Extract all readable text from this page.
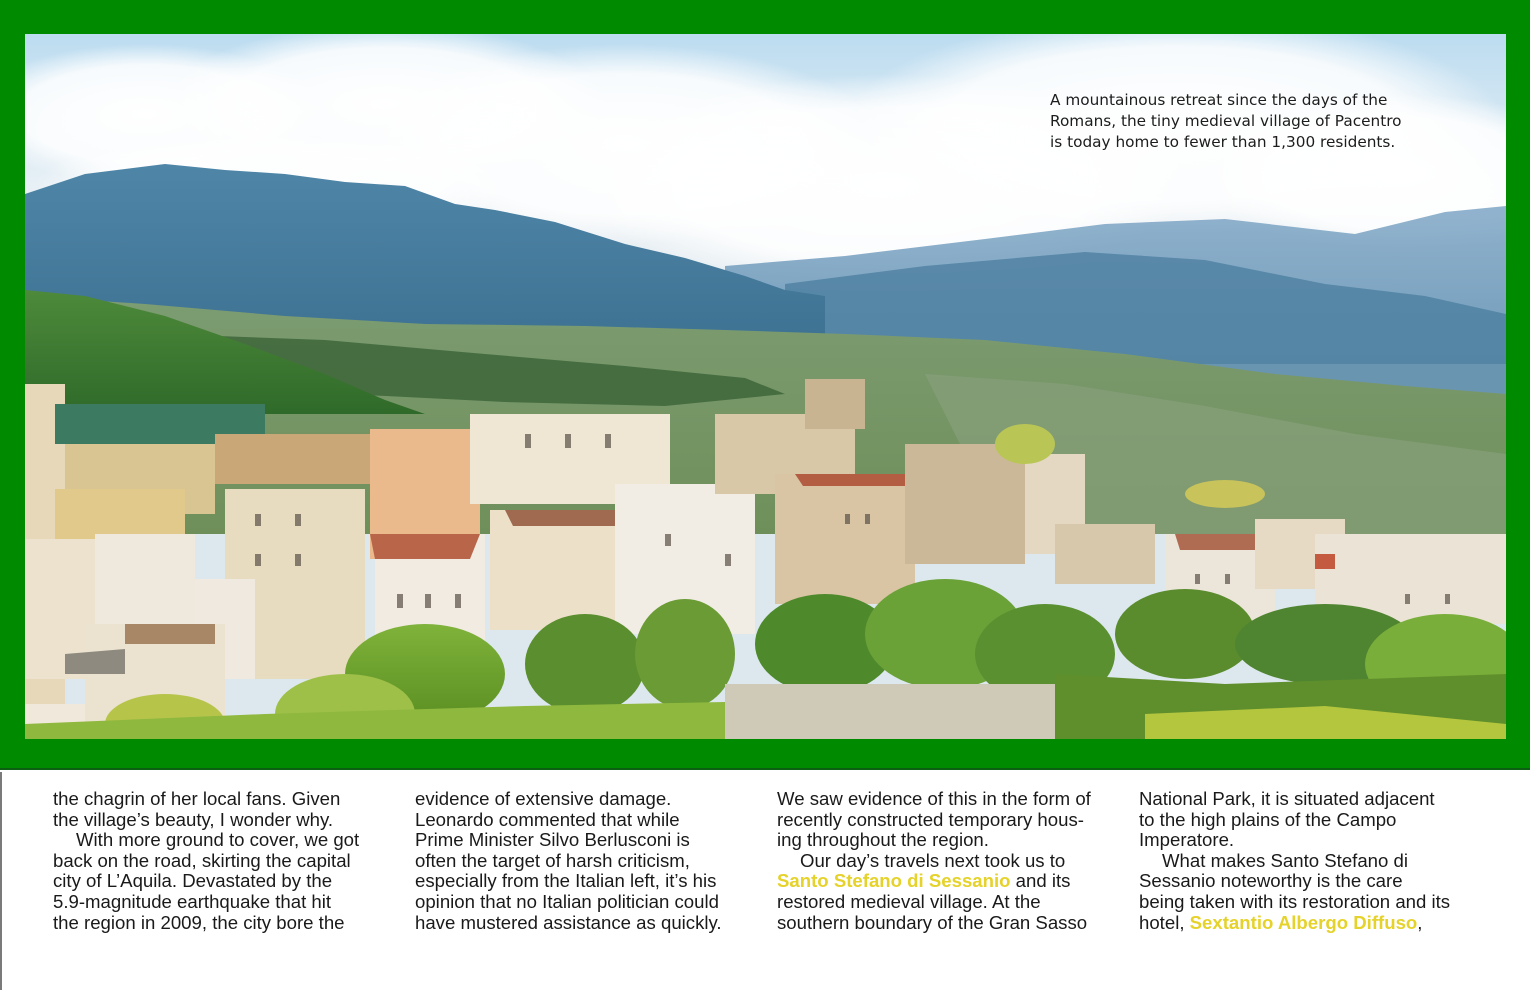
A mountainous retreat since the days of the
Romans, the tiny medieval village of Pacentro
is today home to fewer than 1,300 residents.
the chagrin of her local fans. Given
the village’s beauty, I wonder why.
With more ground to cover, we got
back on the road, skirting the capital
city of L’Aquila. Devastated by the
5.9-magnitude earthquake that hit
the region in 2009, the city bore the
evidence of extensive damage.
Leonardo commented that while
Prime Minister Silvo Berlusconi is
often the target of harsh criticism,
especially from the Italian left, it’s his
opinion that no Italian politician could
have mustered assistance as quickly.
We saw evidence of this in the form of
recently constructed temporary hous-
ing throughout the region.
Our day’s travels next took us to
Santo Stefano di Sessanio and its
restored medieval village. At the
southern boundary of the Gran Sasso
National Park, it is situated adjacent
to the high plains of the Campo
Imperatore.
What makes Santo Stefano di
Sessanio noteworthy is the care
being taken with its restoration and its
hotel, Sextantio Albergo Diffuso,
